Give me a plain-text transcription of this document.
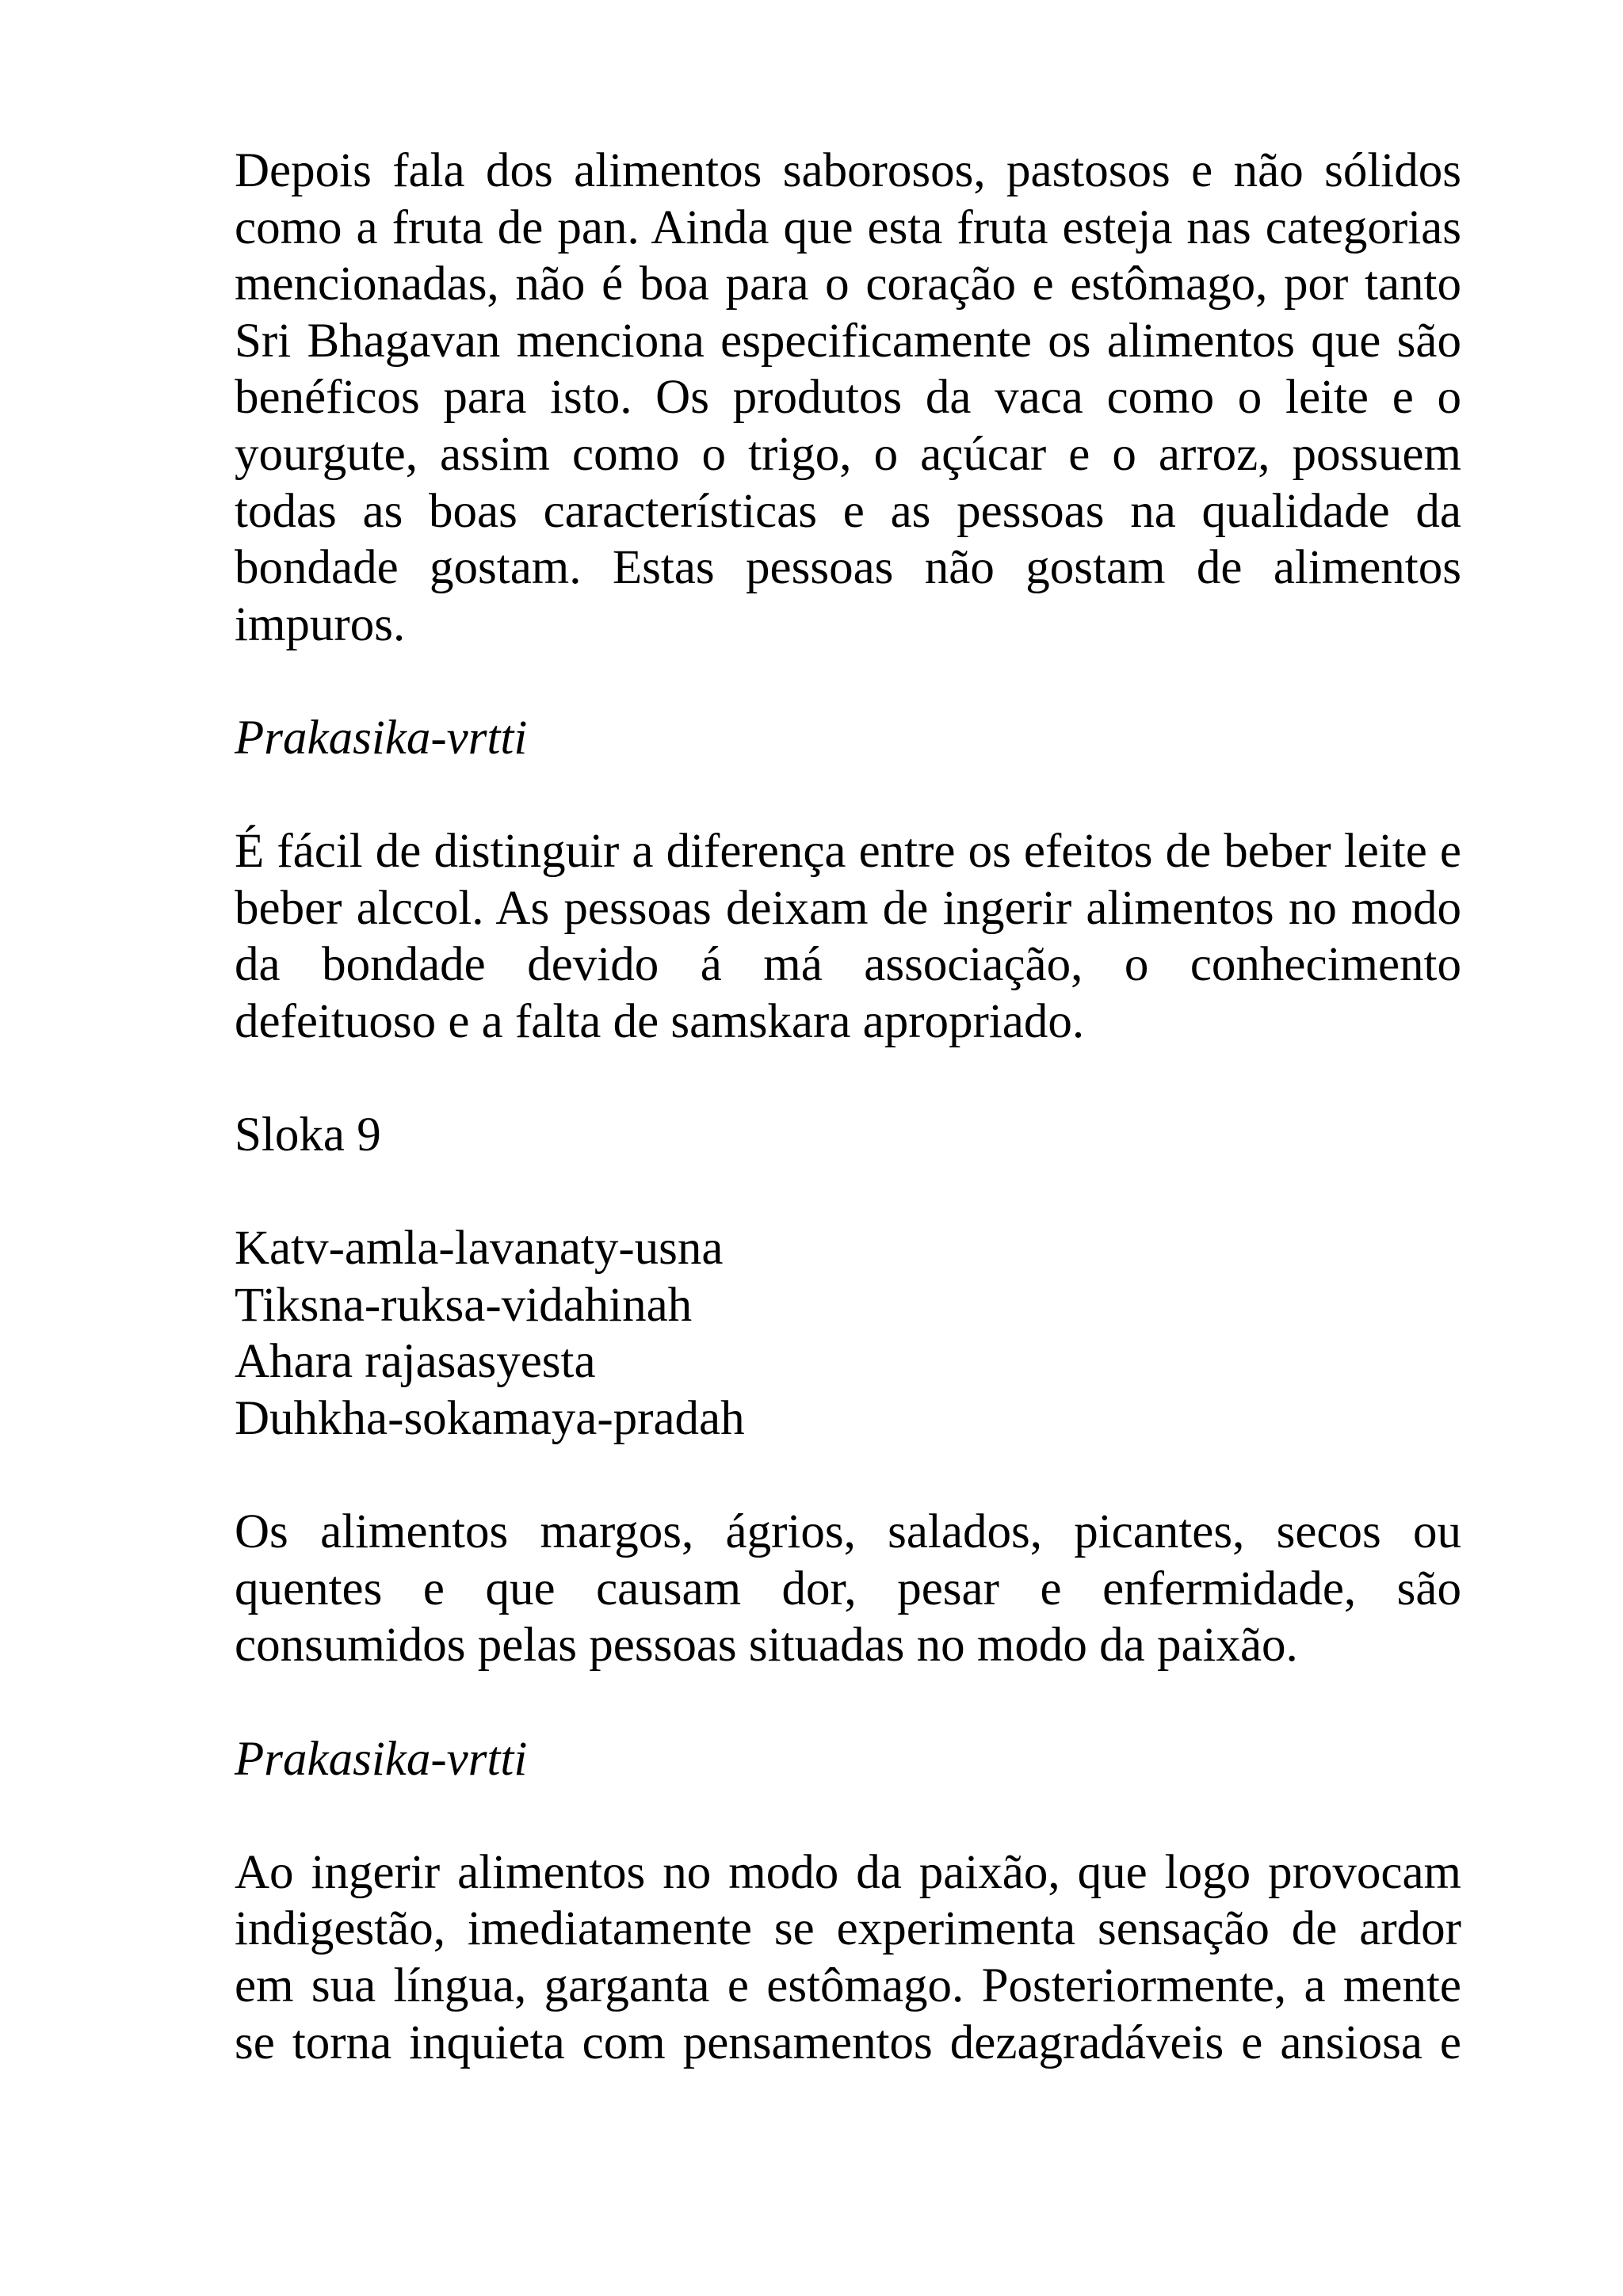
Depois fala dos alimentos saborosos, pastosos e não sólidos como a fruta de pan. Ainda que esta fruta esteja nas categorias mencionadas, não é boa para o coração e estômago, por tanto Sri Bhagavan menciona especificamente os alimentos que são benéficos para isto. Os produtos da vaca como o leite e o yourgute, assim como o trigo, o açúcar e o arroz, possuem todas as boas características e as pessoas na qualidade da bondade gostam. Estas pessoas não gostam de alimentos impuros.

Prakasika-vrtti

É fácil de distinguir a diferença entre os efeitos de beber leite e beber alccol. As pessoas deixam de ingerir alimentos no modo da bondade devido á má associação, o conhecimento defeituoso e a falta de samskara apropriado.

Sloka 9

Katv-amla-lavanaty-usna
Tiksna-ruksa-vidahinah
Ahara rajasasyesta
Duhkha-sokamaya-pradah

Os alimentos margos, ágrios, salados, picantes, secos ou quentes e que causam dor, pesar e enfermidade, são consumidos pelas pessoas situadas no modo da paixão.

Prakasika-vrtti

Ao ingerir alimentos no modo da paixão, que logo provocam indigestão, imediatamente se experimenta sensação de ardor em sua língua, garganta e estômago. Posteriormente, a mente se torna inquieta com pensamentos dezagradáveis e ansiosa e
